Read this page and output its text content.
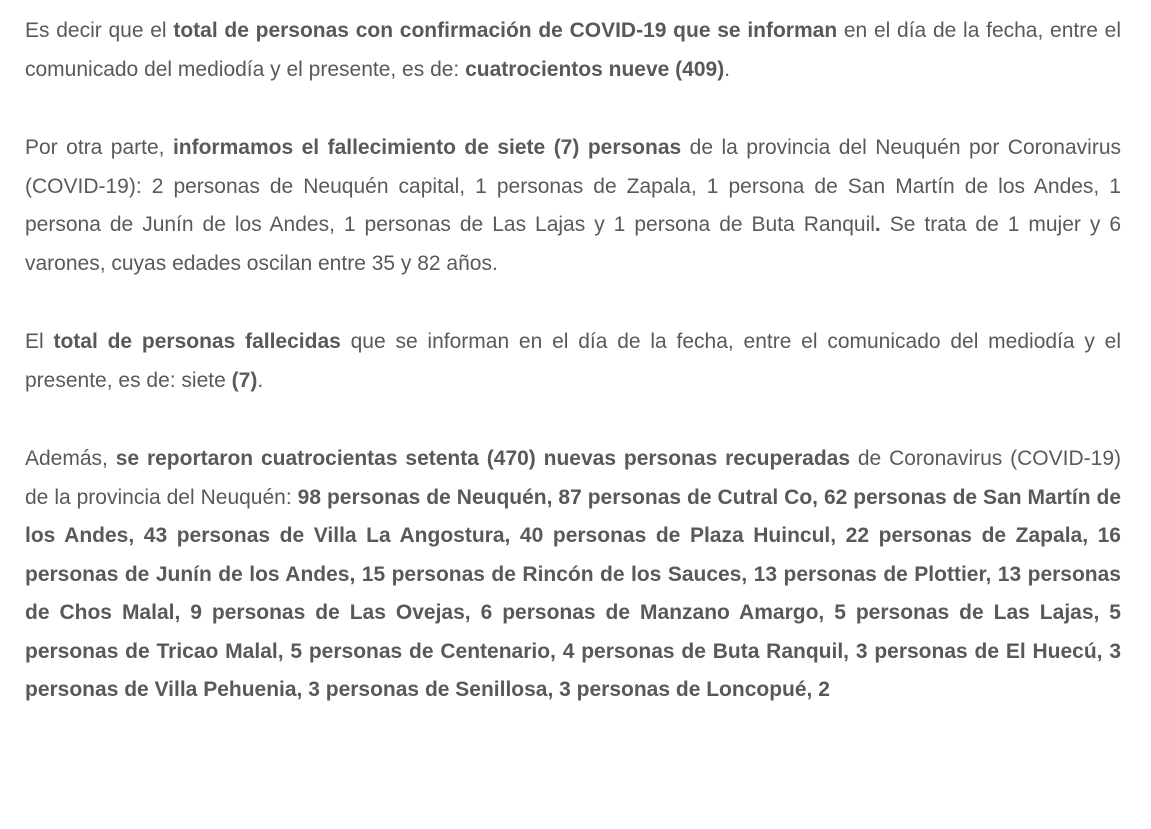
Es decir que el total de personas con confirmación de COVID-19 que se informan en el día de la fecha, entre el comunicado del mediodía y el presente, es de: cuatrocientos nueve (409).

Por otra parte, informamos el fallecimiento de siete (7) personas de la provincia del Neuquén por Coronavirus (COVID-19): 2 personas de Neuquén capital, 1 personas de Zapala, 1 persona de San Martín de los Andes, 1 persona de Junín de los Andes, 1 personas de Las Lajas y 1 persona de Buta Ranquil. Se trata de 1 mujer y 6 varones, cuyas edades oscilan entre 35 y 82 años.

El total de personas fallecidas que se informan en el día de la fecha, entre el comunicado del mediodía y el presente, es de: siete (7).

Además, se reportaron cuatrocientas setenta (470) nuevas personas recuperadas de Coronavirus (COVID-19) de la provincia del Neuquén: 98 personas de Neuquén, 87 personas de Cutral Co, 62 personas de San Martín de los Andes, 43 personas de Villa La Angostura, 40 personas de Plaza Huincul, 22 personas de Zapala, 16 personas de Junín de los Andes, 15 personas de Rincón de los Sauces, 13 personas de Plottier, 13 personas de Chos Malal, 9 personas de Las Ovejas, 6 personas de Manzano Amargo, 5 personas de Las Lajas, 5 personas de Tricao Malal, 5 personas de Centenario, 4 personas de Buta Ranquil, 3 personas de El Huecú, 3 personas de Villa Pehuenia, 3 personas de Senillosa, 3 personas de Loncopué, 2
